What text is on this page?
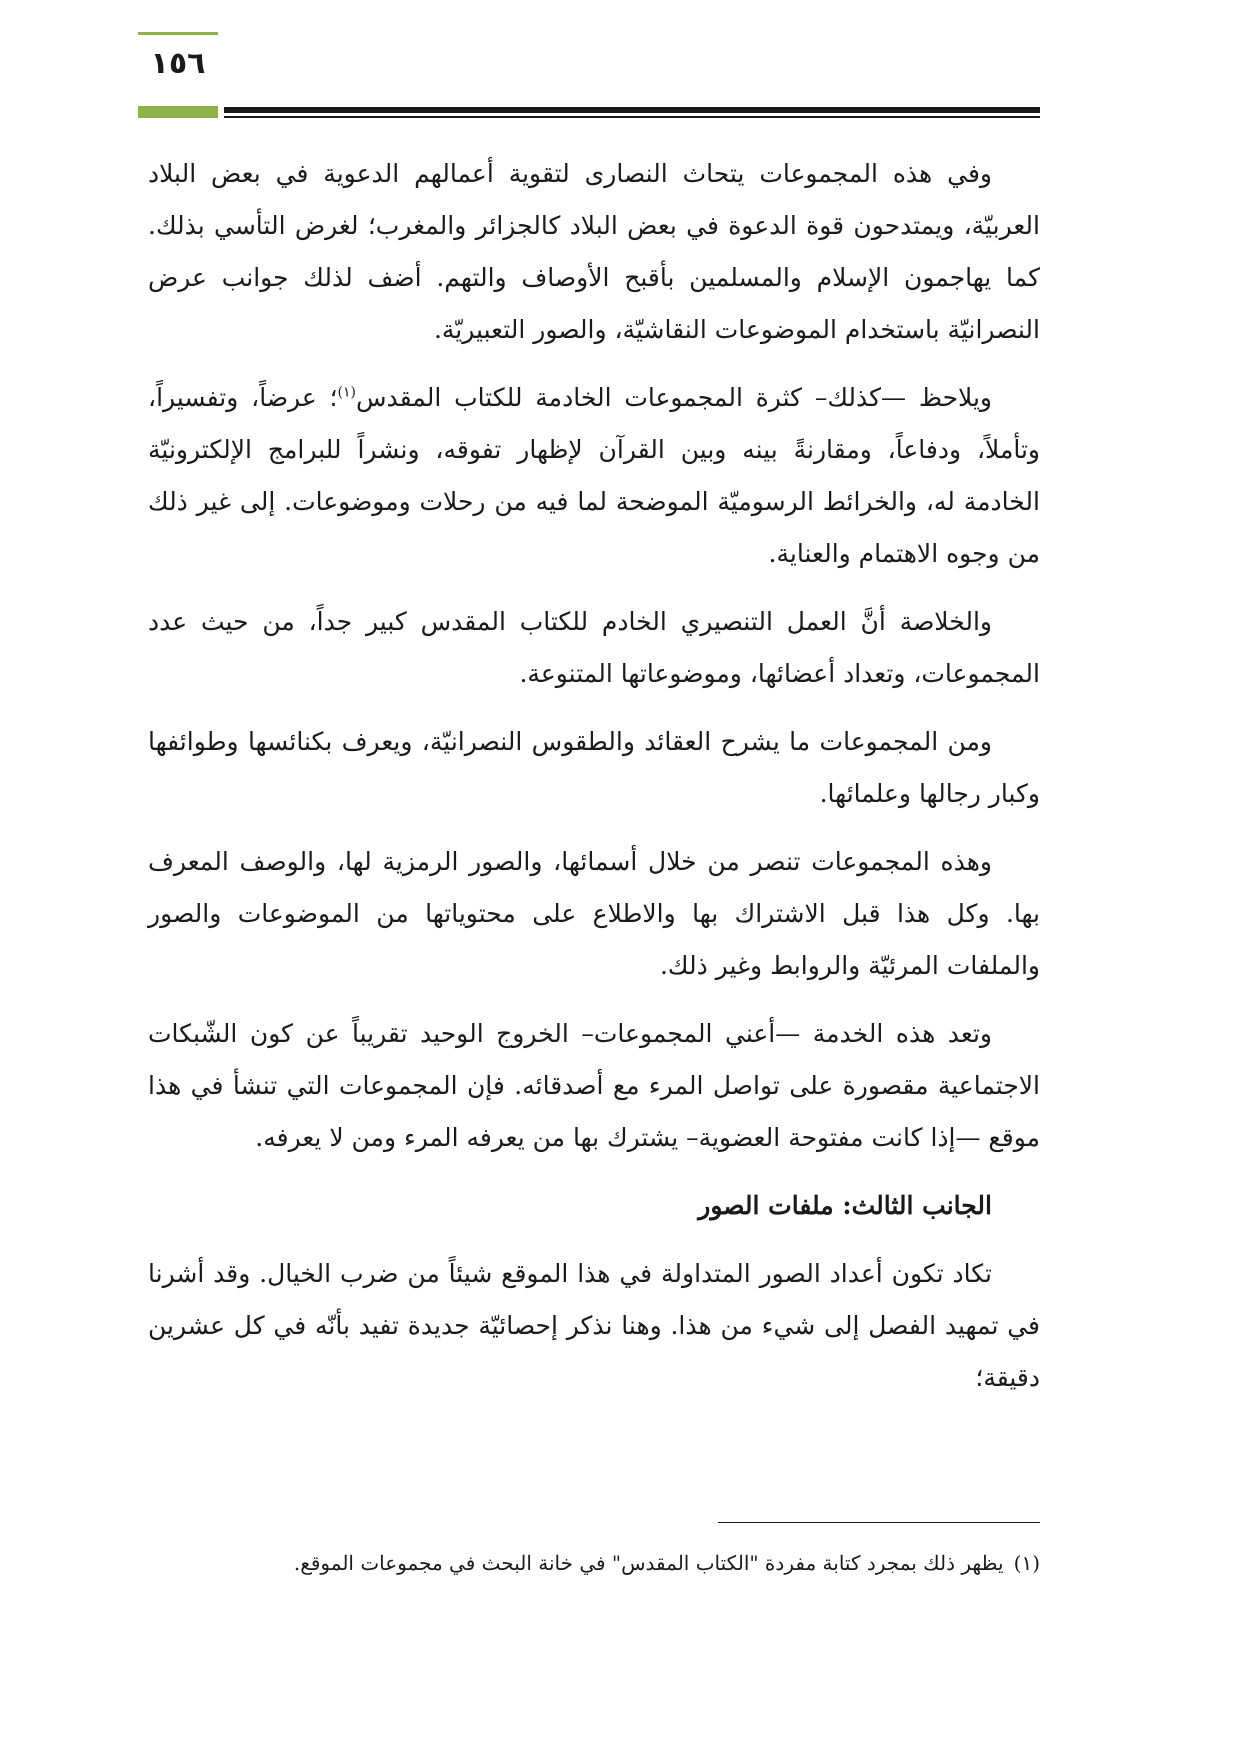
١٥٦

وفي هذه المجموعات يتحاث النصارى لتقوية أعمالهم الدعوية في بعض البلاد العربيّة، ويمتدحون قوة الدعوة في بعض البلاد كالجزائر والمغرب؛ لغرض التأسي بذلك. كما يهاجمون الإسلام والمسلمين بأقبح الأوصاف والتهم. أضف لذلك جوانب عرض النصرانيّة باستخدام الموضوعات النقاشيّة، والصور التعبيريّة.

ويلاحظ —كذلك– كثرة المجموعات الخادمة للكتاب المقدس$^{(١)}$؛ عرضاً، وتفسيراً، وتأملاً، ودفاعاً، ومقارنةً بينه وبين القرآن لإظهار تفوقه، ونشراً للبرامج الإلكترونيّة الخادمة له، والخرائط الرسوميّة الموضحة لما فيه من رحلات وموضوعات. إلى غير ذلك من وجوه الاهتمام والعناية.

والخلاصة أنَّ العمل التنصيري الخادم للكتاب المقدس كبير جداً، من حيث عدد المجموعات، وتعداد أعضائها، وموضوعاتها المتنوعة.

ومن المجموعات ما يشرح العقائد والطقوس النصرانيّة، ويعرف بكنائسها وطوائفها وكبار رجالها وعلمائها.

وهذه المجموعات تنصر من خلال أسمائها، والصور الرمزية لها، والوصف المعرف بها. وكل هذا قبل الاشتراك بها والاطلاع على محتوياتها من الموضوعات والصور والملفات المرئيّة والروابط وغير ذلك.

وتعد هذه الخدمة —أعني المجموعات– الخروج الوحيد تقريباً عن كون الشّبكات الاجتماعية مقصورة على تواصل المرء مع أصدقائه. فإن المجموعات التي تنشأ في هذا موقع —إذا كانت مفتوحة العضوية– يشترك بها من يعرفه المرء ومن لا يعرفه.

الجانب الثالث: ملفات الصور

تكاد تكون أعداد الصور المتداولة في هذا الموقع شيئاً من ضرب الخيال. وقد أشرنا في تمهيد الفصل إلى شيء من هذا. وهنا نذكر إحصائيّة جديدة تفيد بأنّه في كل عشرين دقيقة؛

(١)يظهر ذلك بمجرد كتابة مفردة "الكتاب المقدس" في خانة البحث في مجموعات الموقع.
